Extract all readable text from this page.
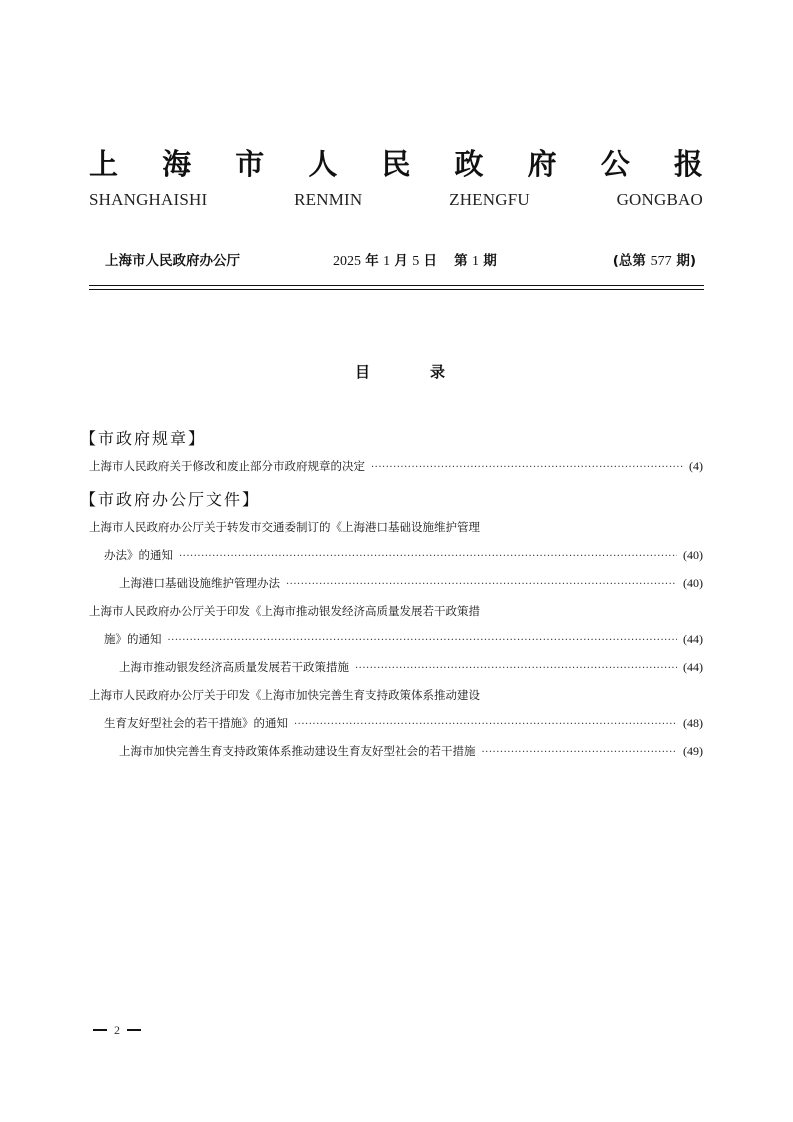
上 海 市 人 民 政 府 公 报
SHANGHAISHI	RENMIN	ZHENGFU	GONGBAO
上海市人民政府办公厅	2025 年 1 月 5 日 第 1 期	(总第 577 期)
目	录
【市政府规章】
上海市人民政府关于修改和废止部分市政府规章的决定 ·····	(4)
【市政府办公厅文件】
上海市人民政府办公厅关于转发市交通委制订的《上海港口基础设施维护管理
办法》的通知 ·····	(40)
上海港口基础设施维护管理办法 ·····	(40)
上海市人民政府办公厅关于印发《上海市推动银发经济高质量发展若干政策措
施》的通知 ·····	(44)
上海市推动银发经济高质量发展若干政策措施 ·····	(44)
上海市人民政府办公厅关于印发《上海市加快完善生育支持政策体系推动建设
生育友好型社会的若干措施》的通知 ·····	(48)
上海市加快完善生育支持政策体系推动建设生育友好型社会的若干措施 ·····	(49)
2
